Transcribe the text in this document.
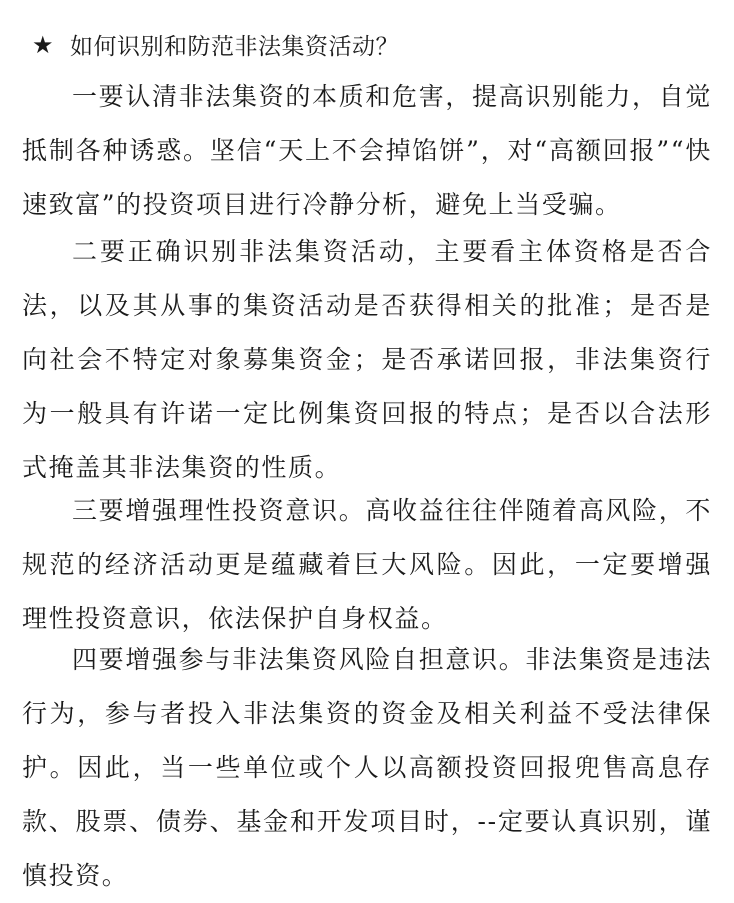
★ 如何识别和防范非法集资活动？

一要认清非法集资的本质和危害，提高识别能力，自觉抵制各种诱惑。坚信“天上不会掉馅饼”，对“高额回报”“快速致富”的投资项目进行冷静分析，避免上当受骗。

二要正确识别非法集资活动，主要看主体资格是否合法，以及其从事的集资活动是否获得相关的批准；是否是向社会不特定对象募集资金；是否承诺回报，非法集资行为一般具有许诺一定比例集资回报的特点；是否以合法形式掩盖其非法集资的性质。

三要增强理性投资意识。高收益往往伴随着高风险，不规范的经济活动更是蕴藏着巨大风险。因此，一定要增强理性投资意识，依法保护自身权益。

四要增强参与非法集资风险自担意识。非法集资是违法行为，参与者投入非法集资的资金及相关利益不受法律保护。因此，当一些单位或个人以高额投资回报兜售高息存款、股票、债券、基金和开发项目时，--定要认真识别，谨慎投资。
